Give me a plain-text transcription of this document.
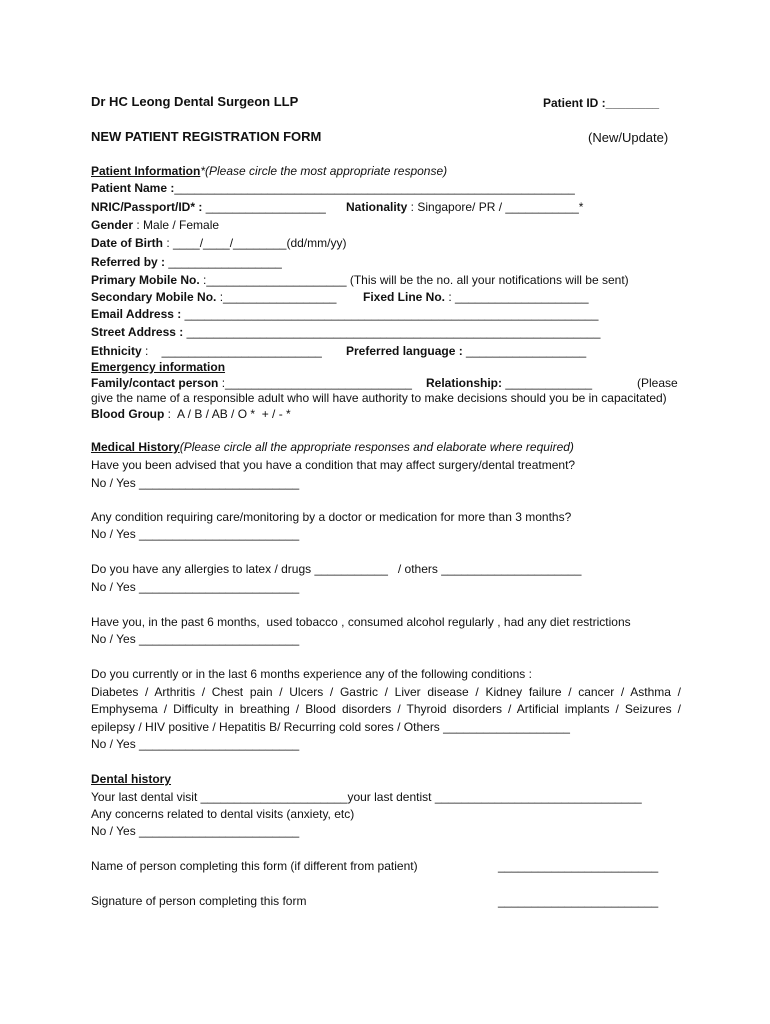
Dr HC Leong Dental Surgeon LLP	Patient ID :________
NEW PATIENT REGISTRATION FORM	(New/Update)
Patient Information*(Please circle the most appropriate response)
Patient Name :____________________________________________________________
NRIC/Passport/ID* : __________________ Nationality : Singapore/ PR / ___________*
Gender : Male / Female
Date of Birth : ____/____/________(dd/mm/yy)
Referred by : _________________
Primary Mobile No. :_____________________ (This will be the no. all your notifications will be sent)
Secondary Mobile No. :_________________ Fixed Line No. : ____________________
Email Address : ______________________________________________________________
Street Address : ______________________________________________________________
Ethnicity :    ________________________ Preferred language : __________________
Emergency information
Family/contact person :____________________________ Relationship: _____________	(Please
give the name of a responsible adult who will have authority to make decisions should you be in capacitated)
Blood Group :  A / B / AB / O *  + / - *
Medical History(Please circle all the appropriate responses and elaborate where required)
Have you been advised that you have a condition that may affect surgery/dental treatment?
No / Yes ________________________
Any condition requiring care/monitoring by a doctor or medication for more than 3 months?
No / Yes ________________________
Do you have any allergies to latex / drugs ___________   / others _____________________
No / Yes ________________________
Have you, in the past 6 months,  used tobacco , consumed alcohol regularly , had any diet restrictions
No / Yes ________________________
Do you currently or in the last 6 months experience any of the following conditions :
Diabetes / Arthritis / Chest pain / Ulcers / Gastric / Liver disease / Kidney failure / cancer / Asthma /
Emphysema / Difficulty in breathing / Blood disorders / Thyroid disorders / Artificial implants / Seizures /
epilepsy / HIV positive / Hepatitis B/ Recurring cold sores / Others ___________________
No / Yes ________________________
Dental history
Your last dental visit ______________________your last dentist _______________________________
Any concerns related to dental visits (anxiety, etc)
No / Yes ________________________
Name of person completing this form (if different from patient)	________________________
Signature of person completing this form	________________________
